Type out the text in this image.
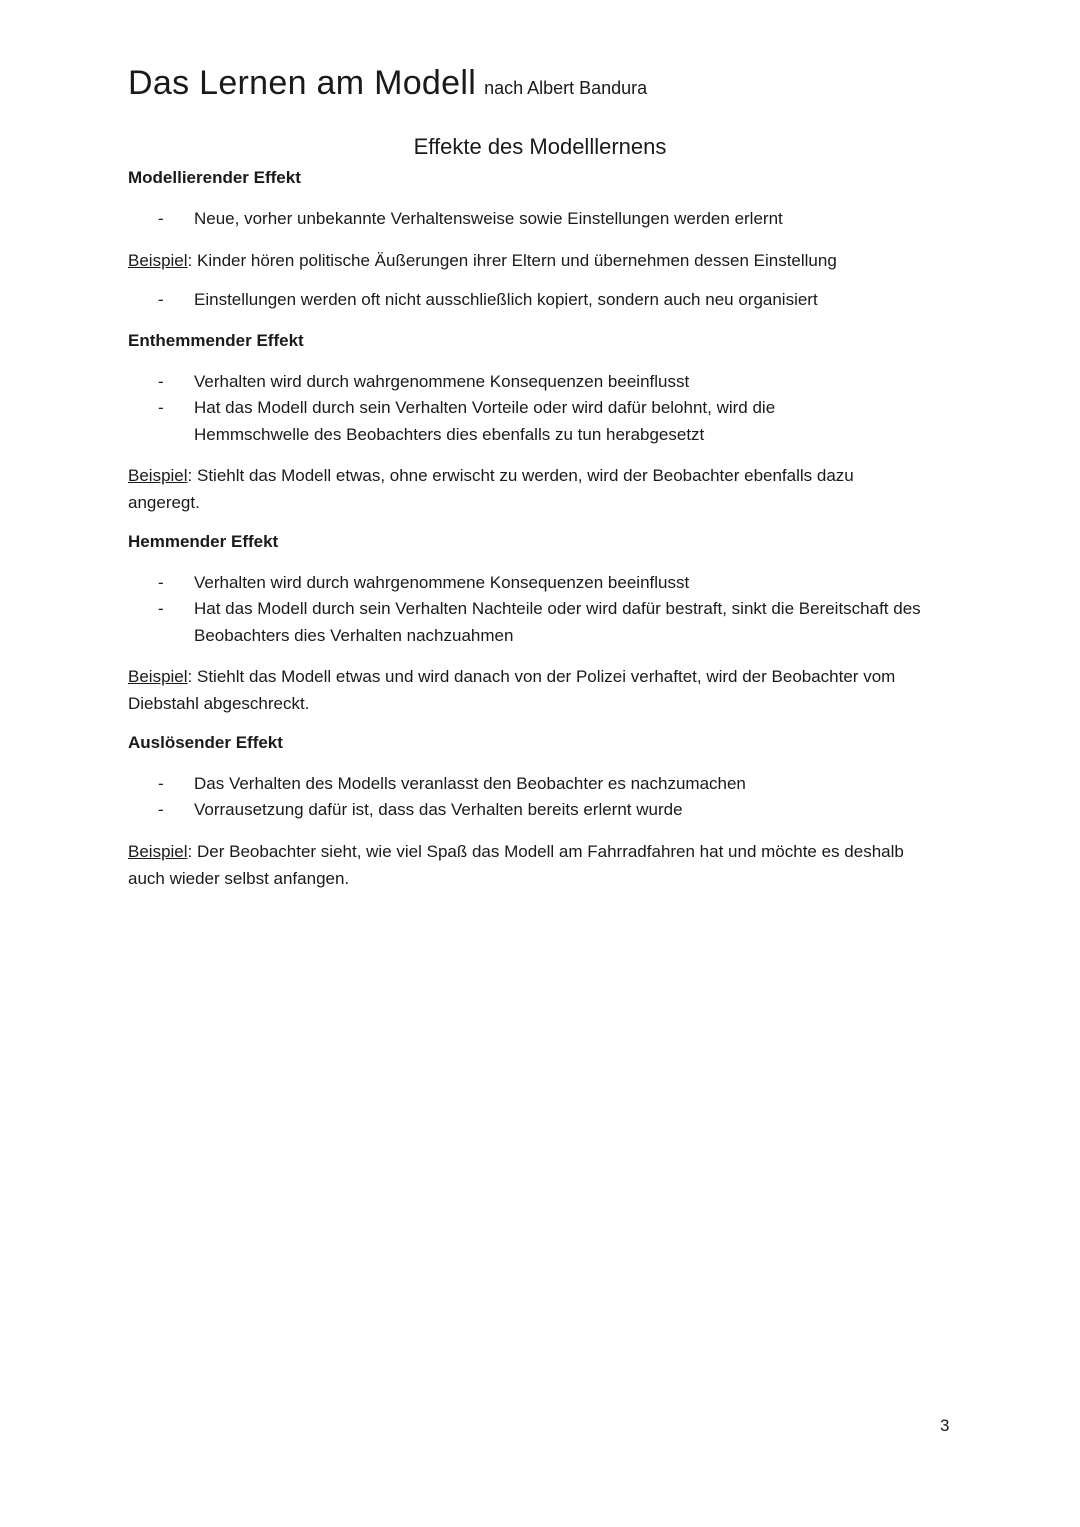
Das Lernen am Modell nach Albert Bandura
Effekte des Modelllernens
Modellierender Effekt
- Neue, vorher unbekannte Verhaltensweise sowie Einstellungen werden erlernt
Beispiel: Kinder hören politische Äußerungen ihrer Eltern und übernehmen dessen Einstellung
- Einstellungen werden oft nicht ausschließlich kopiert, sondern auch neu organisiert
Enthemmender Effekt
- Verhalten wird durch wahrgenommene Konsequenzen beeinflusst
- Hat das Modell durch sein Verhalten Vorteile oder wird dafür belohnt, wird die Hemmschwelle des Beobachters dies ebenfalls zu tun herabgesetzt
Beispiel: Stiehlt das Modell etwas, ohne erwischt zu werden, wird der Beobachter ebenfalls dazu angeregt.
Hemmender Effekt
- Verhalten wird durch wahrgenommene Konsequenzen beeinflusst
- Hat das Modell durch sein Verhalten Nachteile oder wird dafür bestraft, sinkt die Bereitschaft des Beobachters dies Verhalten nachzuahmen
Beispiel: Stiehlt das Modell etwas und wird danach von der Polizei verhaftet, wird der Beobachter vom Diebstahl abgeschreckt.
Auslösender Effekt
- Das Verhalten des Modells veranlasst den Beobachter es nachzumachen
- Vorrausetzung dafür ist, dass das Verhalten bereits erlernt wurde
Beispiel: Der Beobachter sieht, wie viel Spaß das Modell am Fahrradfahren hat und möchte es deshalb auch wieder selbst anfangen.
3
